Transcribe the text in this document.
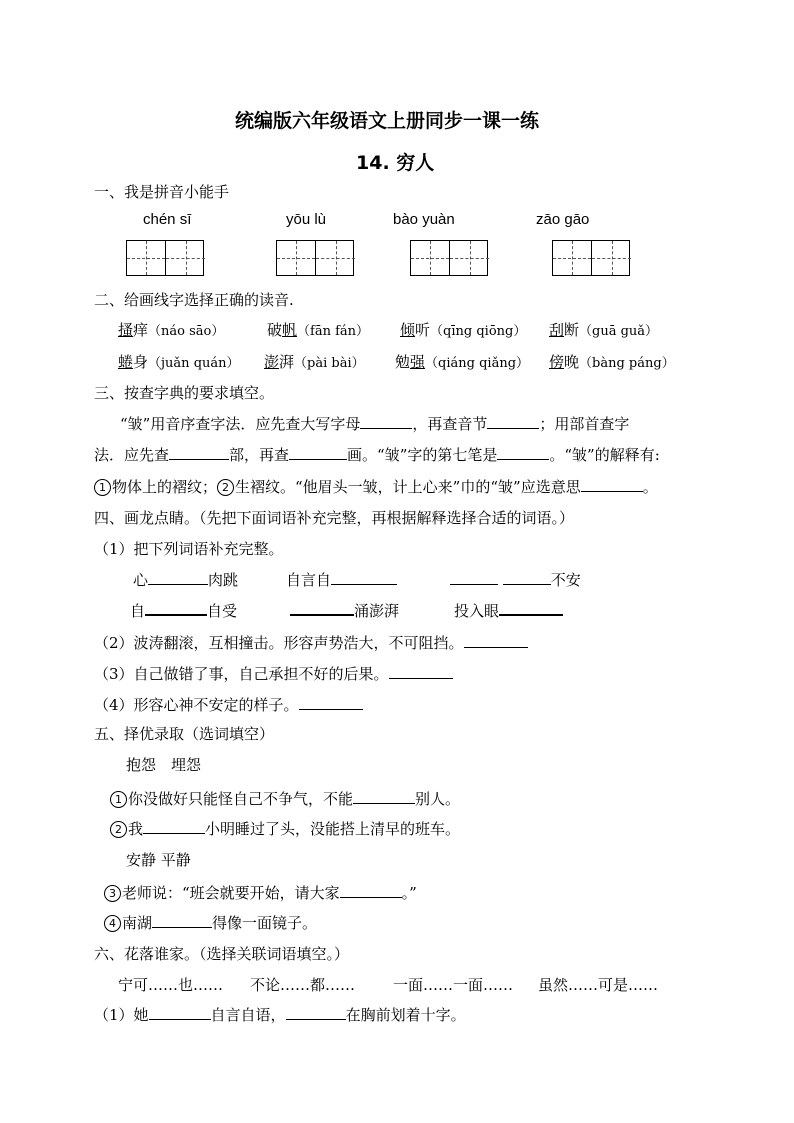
统编版六年级语文上册同步一课一练
14. 穷人
一、我是拼音小能手
chén sī	yōu lù	bào yuàn	zāo gāo
二、给画线字选择正确的读音.
搔痒（náo sāo）	破帆（fān fán） 倾听（qīng qiōng） 刮断（guā guǎ）
蜷身（juǎn quán） 澎湃（pài bài） 勉强（qiáng qiǎng） 傍晚（bàng páng）
三、按查字典的要求填空。
“皱”用音序查字法．应先查大写字母	，再查音节	；用部首查字
法．应先查	部，再查	画。“皱”字的第七笔是	。“皱”的解释有:
1 物体上的褶纹； 2 生褶纹。“他眉头一皱，计上心来”巾的“皱”应选意思	。
四、画龙点睛。（先把下面词语补充完整，再根据解释选择合适的词语。）
（1）把下列词语补充完整。
心	肉跳	自言自	不安
自	自受	涌澎湃	投入眼
（2）波涛翻滚，互相撞击。形容声势浩大，不可阻挡。
（3）自己做错了事，自己承担不好的后果。
（4）形容心神不安定的样子。
五、择优录取（选词填空）
抱怨　埋怨
1 你没做好只能怪自己不争气，不能	别人。
2 我	小明睡过了头，没能搭上清早的班车。
安静 平静
3 老师说：“班会就要开始，请大家	。”
4 南湖	得像一面镜子。
六、花落谁家。（选择关联词语填空。）
宁可……也…… 不论……都……	一面……一面…… 虽然……可是……
（1）她	自言自语，	在胸前划着十字。
